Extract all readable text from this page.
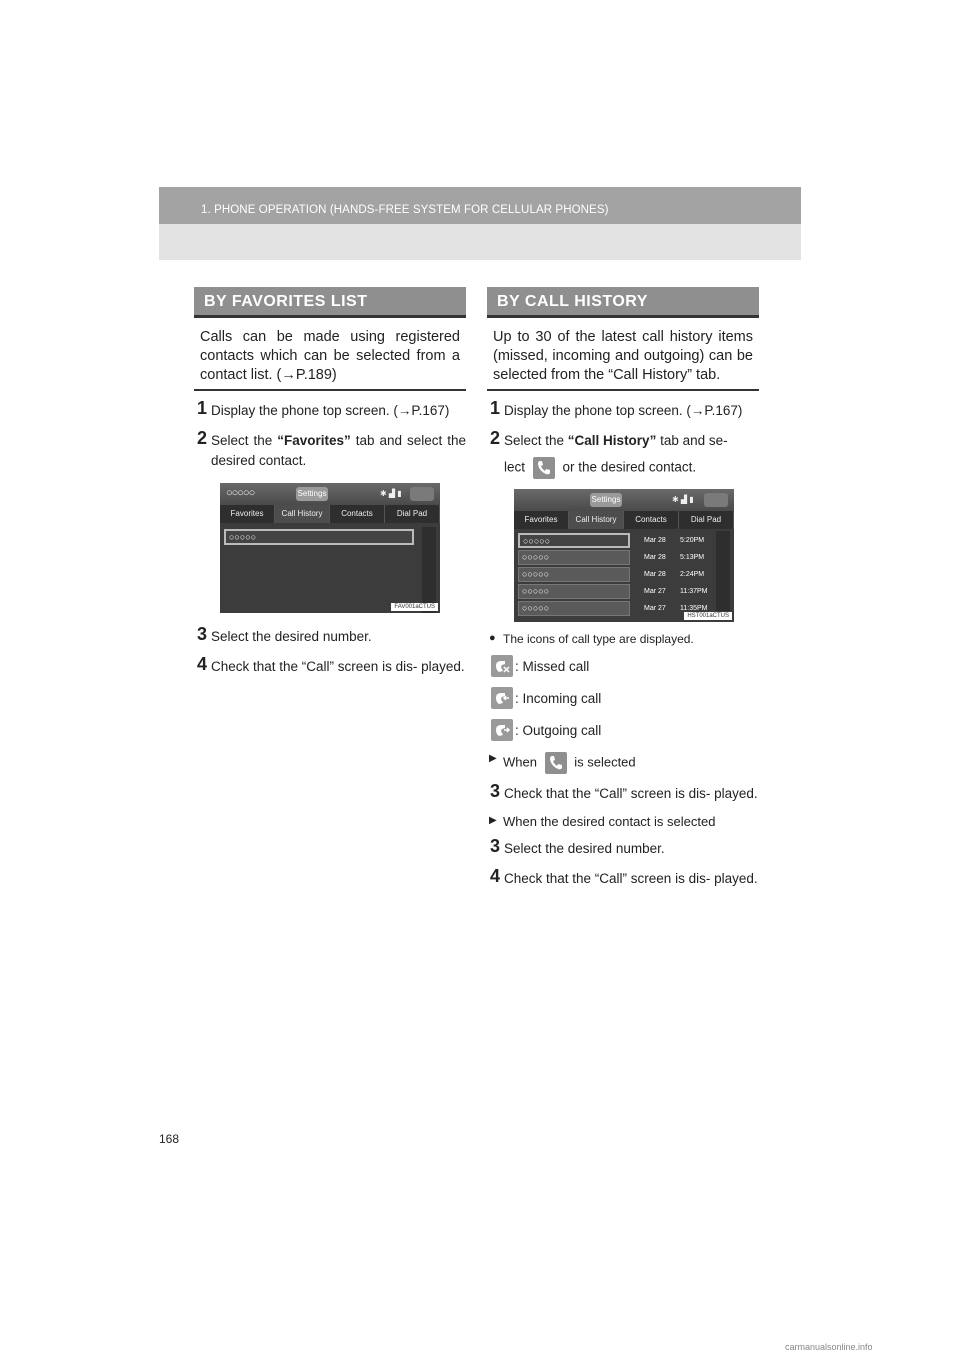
1. PHONE OPERATION (HANDS-FREE SYSTEM FOR CELLULAR PHONES)
BY FAVORITES LIST
Calls can be made using registered contacts which can be selected from a contact list. (→P.189)
1 Display the phone top screen. (→P.167)
2 Select the “Favorites” tab and select the desired contact.
○○○○○	Settings	✱ ▟ ▮
Favorites	Call History	Contacts	Dial Pad
○○○○○
FAV001aCTUS
3 Select the desired number.
4 Check that the “Call” screen is dis- played.
BY CALL HISTORY
Up to 30 of the latest call history items (missed, incoming and outgoing) can be selected from the “Call History” tab.
1 Display the phone top screen. (→P.167)
2 Select the “Call History” tab and se-
lect	or the desired contact.
Settings	✱ ▟ ▮
Favorites	Call History	Contacts	Dial Pad
○○○○○	Mar 28 5:20PM
○○○○○	Mar 28 5:13PM
○○○○○	Mar 28 2:24PM
○○○○○	Mar 27 11:37PM
○○○○○	Mar 27 11:35PM
HST001aCTUS
● The icons of call type are displayed.
: Missed call
: Incoming call
: Outgoing call
▶ When	is selected
3 Check that the “Call” screen is dis- played.
▶ When the desired contact is selected
3 Select the desired number.
4 Check that the “Call” screen is dis- played.
168
carmanualsonline.info
